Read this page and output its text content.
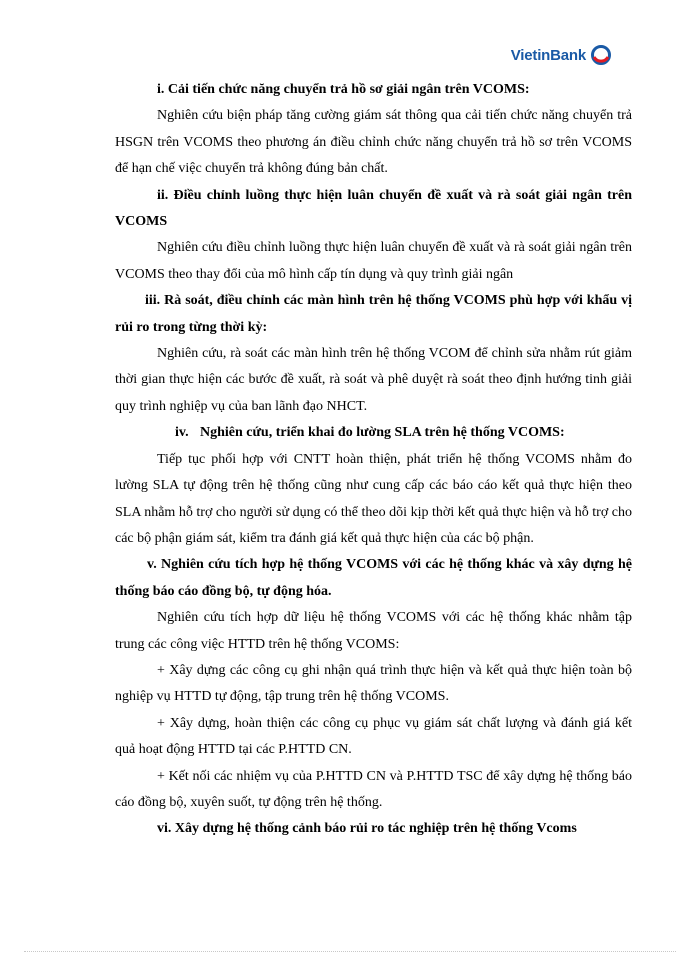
VietinBank

i. Cải tiến chức năng chuyển trả hồ sơ giải ngân trên VCOMS:

Nghiên cứu biện pháp tăng cường giám sát thông qua cải tiến chức năng chuyển trả HSGN trên VCOMS theo phương án điều chỉnh chức năng chuyển trả hồ sơ trên VCOMS để hạn chế việc chuyển trả không đúng bản chất.

ii. Điều chỉnh luồng thực hiện luân chuyển đề xuất và rà soát giải ngân trên VCOMS

Nghiên cứu điều chỉnh luồng thực hiện luân chuyển đề xuất và rà soát giải ngân trên VCOMS theo thay đổi của mô hình cấp tín dụng và quy trình giải ngân

iii. Rà soát, điều chỉnh các màn hình trên hệ thống VCOMS phù hợp với khẩu vị rủi ro trong từng thời kỳ:

Nghiên cứu, rà soát các màn hình trên hệ thống VCOM để chỉnh sửa nhằm rút giảm thời gian thực hiện các bước đề xuất, rà soát và phê duyệt rà soát theo định hướng tinh giải quy trình nghiệp vụ của ban lãnh đạo NHCT.

iv. Nghiên cứu, triển khai đo lường SLA trên hệ thống VCOMS:

Tiếp tục phối hợp với CNTT hoàn thiện, phát triển hệ thống VCOMS nhằm đo lường SLA tự động trên hệ thống cũng như cung cấp các báo cáo kết quả thực hiện theo SLA nhằm hỗ trợ cho người sử dụng có thể theo dõi kịp thời kết quả thực hiện và hỗ trợ cho các bộ phận giám sát, kiểm tra đánh giá kết quả thực hiện của các bộ phận.

v. Nghiên cứu tích hợp hệ thống VCOMS với các hệ thống khác và xây dựng hệ thống báo cáo đồng bộ, tự động hóa.

Nghiên cứu tích hợp dữ liệu hệ thống VCOMS với các hệ thống khác nhằm tập trung các công việc HTTD trên hệ thống VCOMS:

+ Xây dựng các công cụ ghi nhận quá trình thực hiện và kết quả thực hiện toàn bộ nghiệp vụ HTTD tự động, tập trung trên hệ thống VCOMS.

+ Xây dựng, hoàn thiện các công cụ phục vụ giám sát chất lượng và đánh giá kết quả hoạt động HTTD tại các P.HTTD CN.

+ Kết nối các nhiệm vụ của P.HTTD CN và P.HTTD TSC để xây dựng hệ thống báo cáo đồng bộ, xuyên suốt, tự động trên hệ thống.

vi. Xây dựng hệ thống cảnh báo rủi ro tác nghiệp trên hệ thống Vcoms
